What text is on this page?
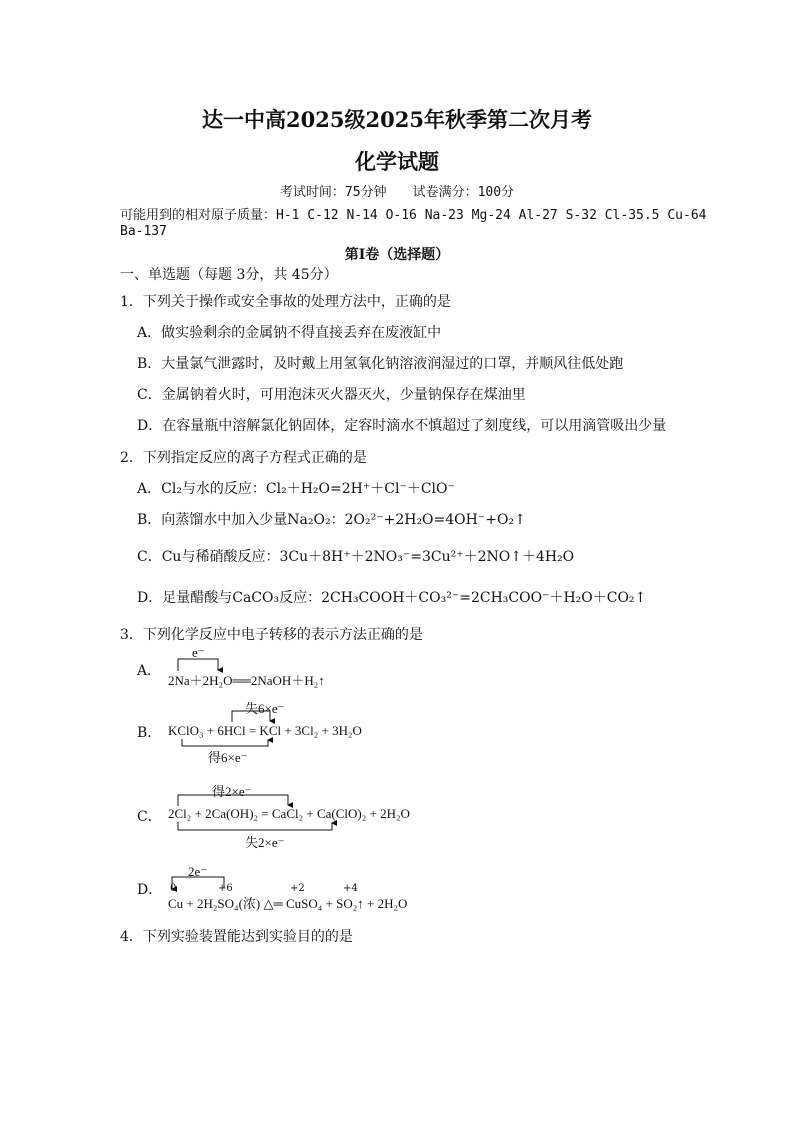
达一中高2025级2025年秋季第二次月考
化学试题
考试时间：75分钟　　试卷满分：100分
可能用到的相对原子质量：H-1 C-12 N-14 O-16 Na-23 Mg-24 Al-27 S-32 Cl-35.5 Cu-64
Ba-137
第Ⅰ卷（选择题）
一、单选题（每题 3分，共 45分）
1．下列关于操作或安全事故的处理方法中，正确的是
A．做实验剩余的金属钠不得直接丢弃在废液缸中
B．大量氯气泄露时，及时戴上用氢氧化钠溶液润湿过的口罩，并顺风往低处跑
C．金属钠着火时，可用泡沫灭火器灭火，少量钠保存在煤油里
D．在容量瓶中溶解氯化钠固体，定容时滴水不慎超过了刻度线，可以用滴管吸出少量
2．下列指定反应的离子方程式正确的是
A．Cl₂与水的反应：Cl₂＋H₂O=2H⁺＋Cl⁻＋ClO⁻
B．向蒸馏水中加入少量Na₂O₂：2O₂²⁻+2H₂O=4OH⁻+O₂↑
C．Cu与稀硝酸反应：3Cu＋8H⁺＋2NO₃⁻=3Cu²⁺＋2NO↑＋4H₂O
D．足量醋酸与CaCO₃反应：2CH₃COOH＋CO₃²⁻=2CH₃COO⁻＋H₂O＋CO₂↑
3．下列化学反应中电子转移的表示方法正确的是
A．
e⁻
2Na＋2H₂O══2NaOH＋H₂↑
B．
失6×e⁻
KClO₃ + 6HCl = KCl + 3Cl₂ + 3H₂O
得6×e⁻
C．
得2×e⁻
2Cl₂ + 2Ca(OH)₂ = CaCl₂ + Ca(ClO)₂ + 2H₂O
失2×e⁻
D．
2e⁻
0	+6	+2	+4
Cu + 2H₂SO₄(浓) △═ CuSO₄ + SO₂↑ + 2H₂O
4．下列实验装置能达到实验目的的是
